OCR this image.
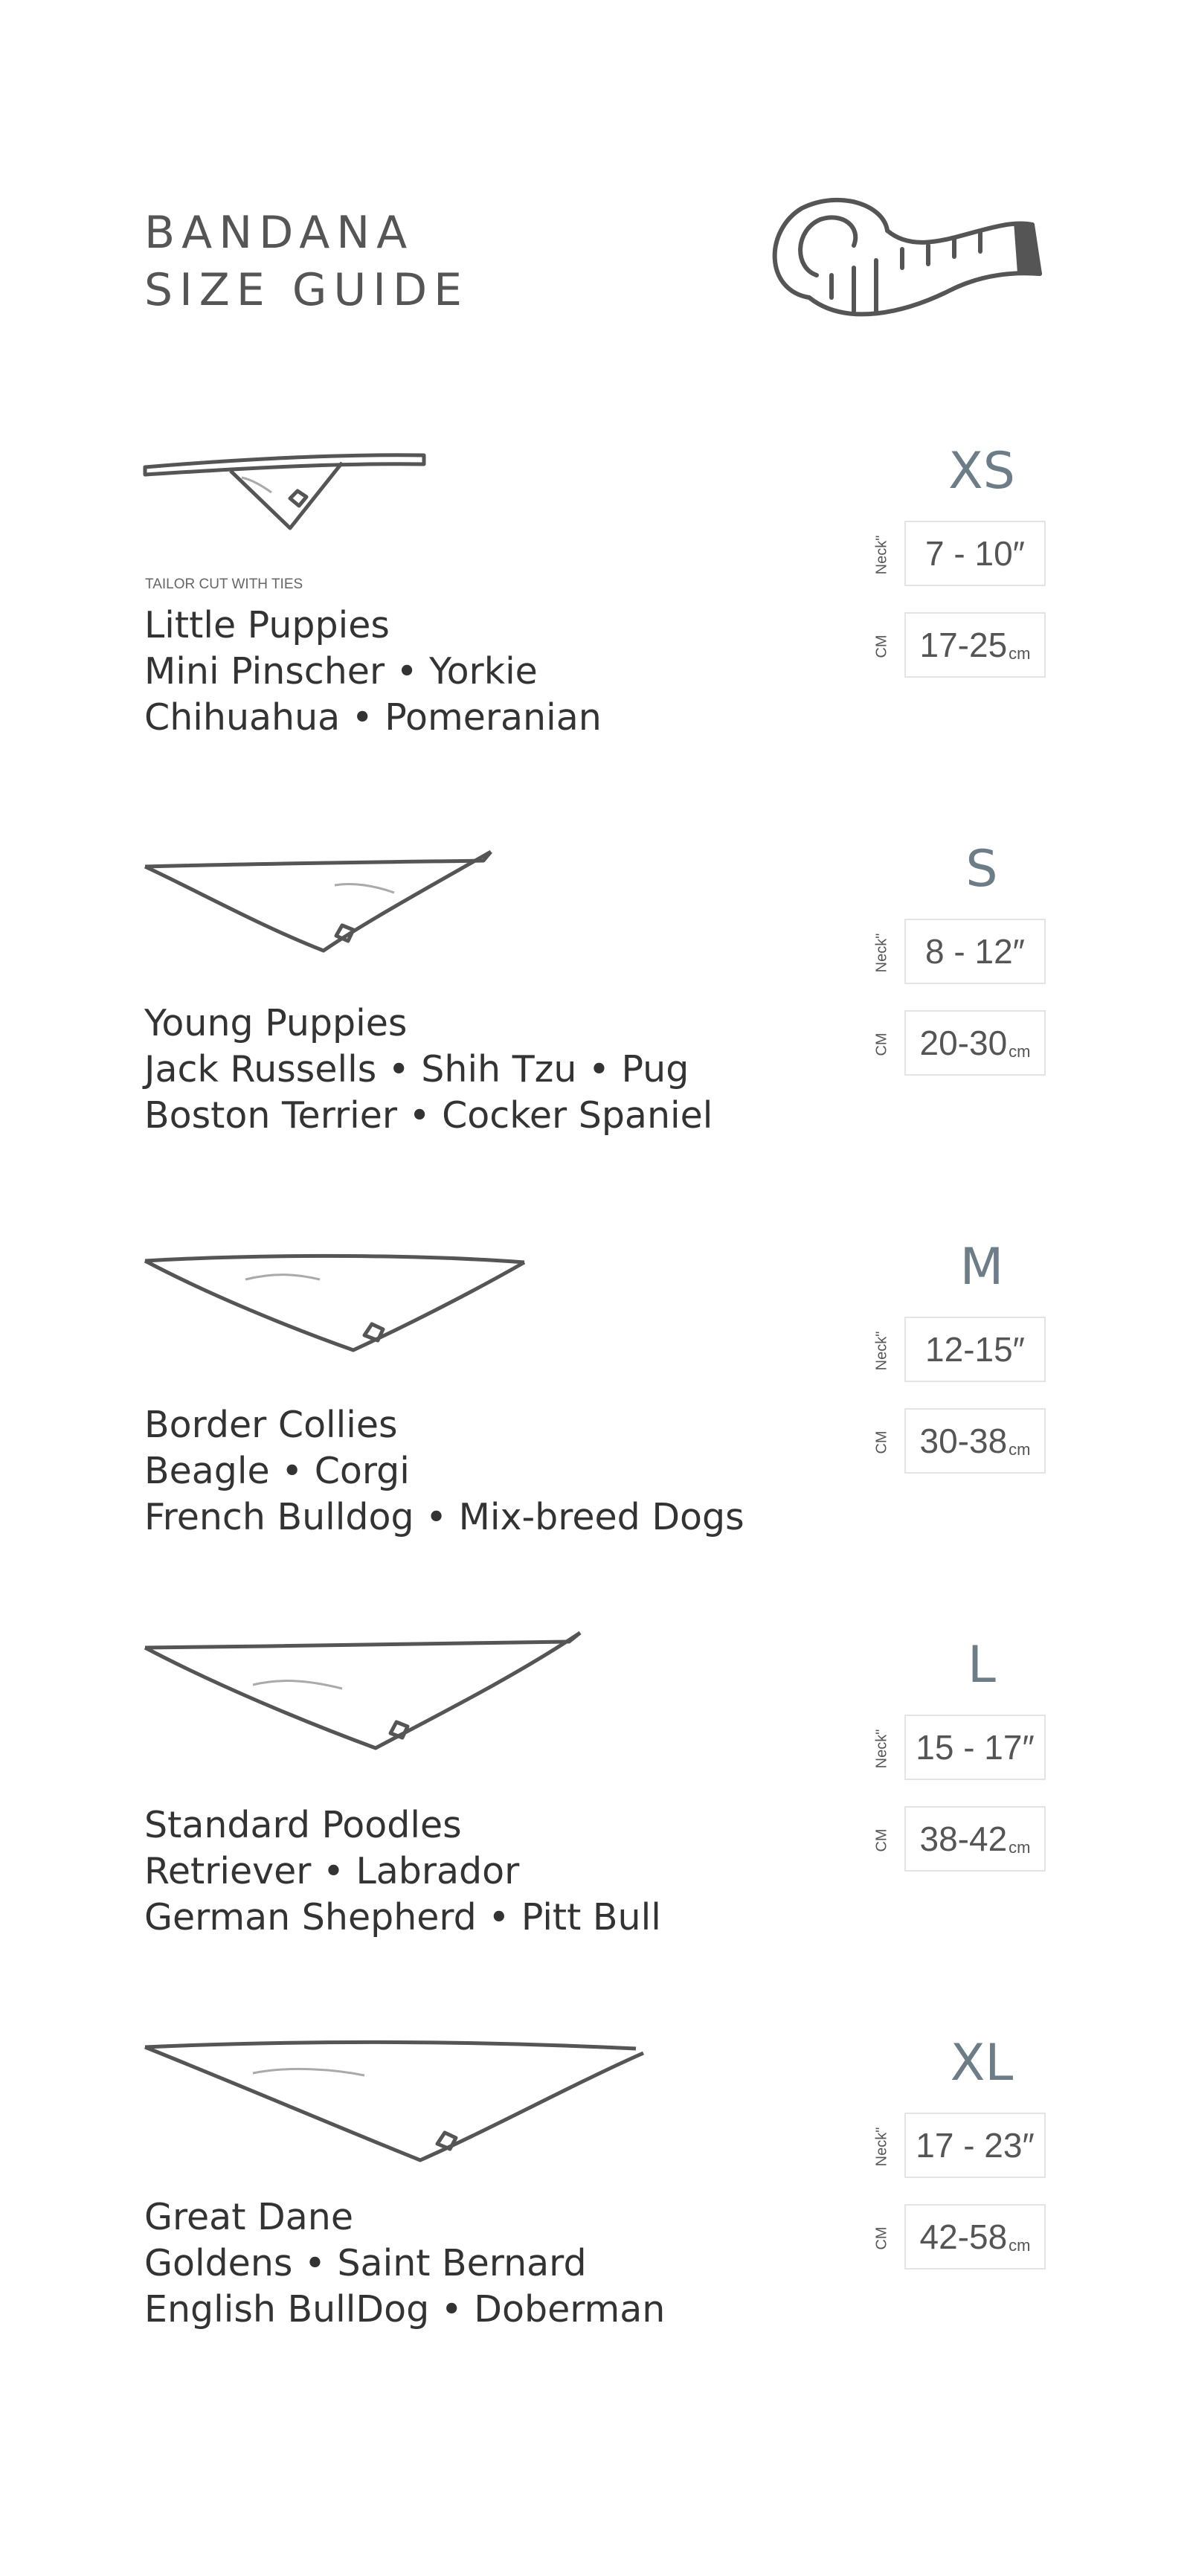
BANDANA
SIZE GUIDE
TAILOR CUT WITH TIES
Little Puppies
Mini Pinscher • Yorkie
Chihuahua • Pomeranian
XS
Neck"	7 - 10″
CM 17-25 cm
Young Puppies
Jack Russells • Shih Tzu • Pug
Boston Terrier • Cocker Spaniel
S
Neck"	8 - 12″
CM 20-30 cm
Border Collies
Beagle • Corgi
French Bulldog • Mix-breed Dogs
M
Neck"	12-15″
CM 30-38 cm
Standard Poodles
Retriever • Labrador
German Shepherd • Pitt Bull
L
Neck" 15 - 17″
CM 38-42 cm
Great Dane
Goldens • Saint Bernard
English BullDog • Doberman
XL
Neck" 17 - 23″
CM 42-58 cm
